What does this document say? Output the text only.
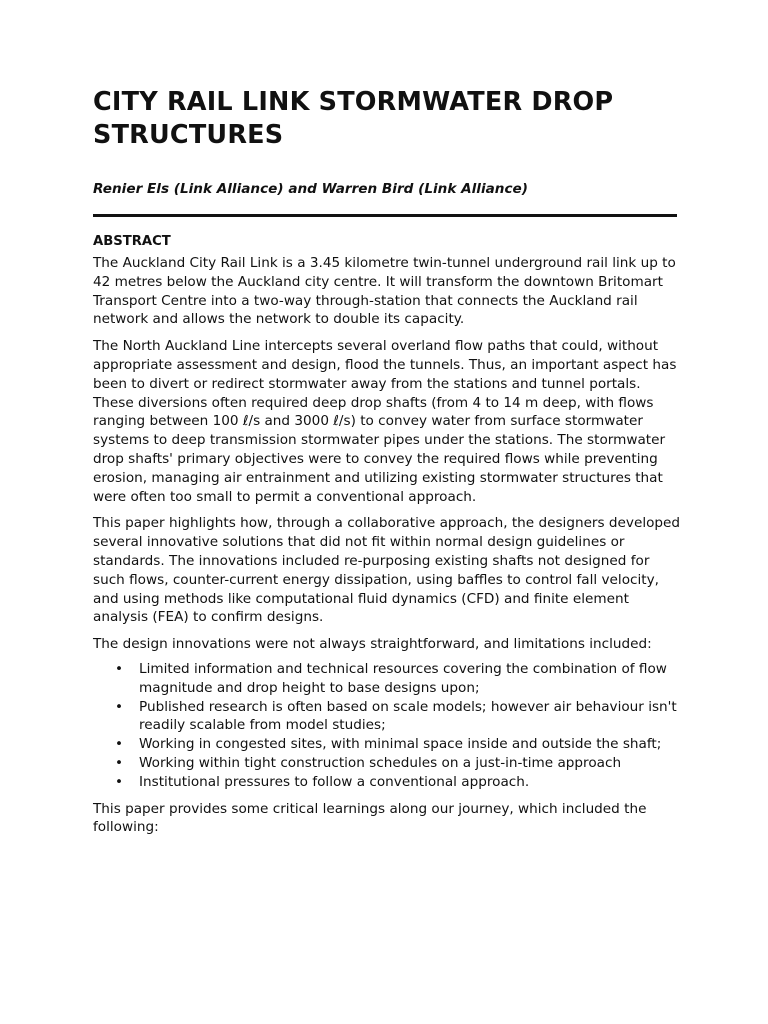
CITY RAIL LINK STORMWATER DROP
STRUCTURES
Renier Els (Link Alliance) and Warren Bird (Link Alliance)
ABSTRACT

The Auckland City Rail Link is a 3.45 kilometre twin-tunnel underground rail link up to 42 metres below the Auckland city centre. It will transform the downtown Britomart Transport Centre into a two-way through-station that connects the Auckland rail network and allows the network to double its capacity.

The North Auckland Line intercepts several overland flow paths that could, without appropriate assessment and design, flood the tunnels. Thus, an important aspect has been to divert or redirect stormwater away from the stations and tunnel portals. These diversions often required deep drop shafts (from 4 to 14 m deep, with flows ranging between 100 ℓ/s and 3000 ℓ/s) to convey water from surface stormwater systems to deep transmission stormwater pipes under the stations. The stormwater drop shafts' primary objectives were to convey the required flows while preventing erosion, managing air entrainment and utilizing existing stormwater structures that were often too small to permit a conventional approach.

This paper highlights how, through a collaborative approach, the designers developed several innovative solutions that did not fit within normal design guidelines or standards. The innovations included re-purposing existing shafts not designed for such flows, counter-current energy dissipation, using baffles to control fall velocity, and using methods like computational fluid dynamics (CFD) and finite element analysis (FEA) to confirm designs.

The design innovations were not always straightforward, and limitations included:

• Limited information and technical resources covering the combination of flow magnitude and drop height to base designs upon;
• Published research is often based on scale models; however air behaviour isn't readily scalable from model studies;
• Working in congested sites, with minimal space inside and outside the shaft;
• Working within tight construction schedules on a just-in-time approach
• Institutional pressures to follow a conventional approach.

This paper provides some critical learnings along our journey, which included the following:
